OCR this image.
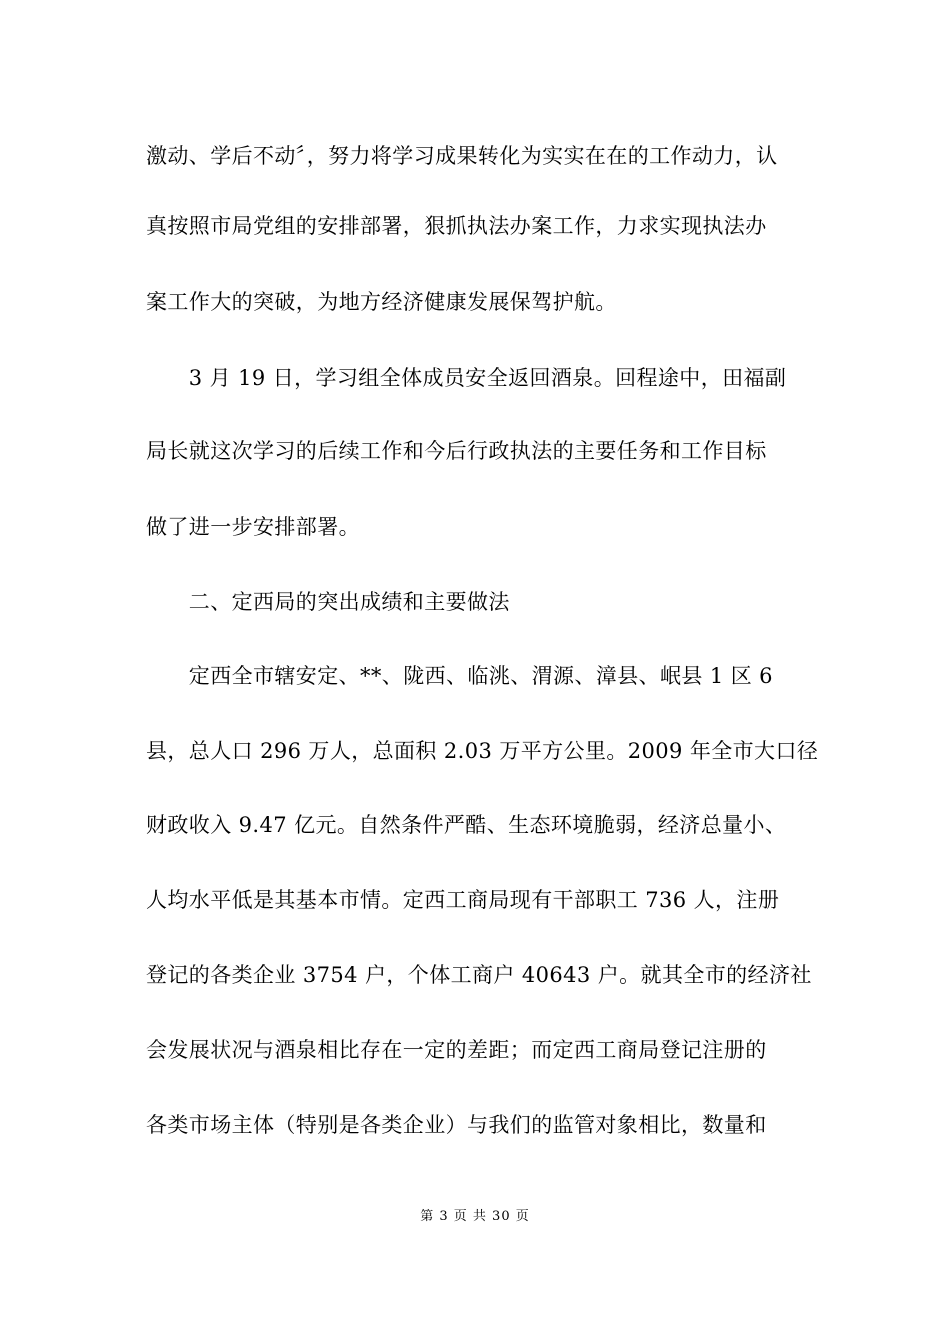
激动、学后不动〞，努力将学习成果转化为实实在在的工作动力，认
真按照市局党组的安排部署，狠抓执法办案工作，力求实现执法办
案工作大的突破，为地方经济健康发展保驾护航。
　　3 月 19 日，学习组全体成员安全返回酒泉。回程途中，田福副
局长就这次学习的后续工作和今后行政执法的主要任务和工作目标
做了进一步安排部署。
　　二、定西局的突出成绩和主要做法
　　定西全市辖安定、**、陇西、临洮、渭源、漳县、岷县 1 区 6
县，总人口 296 万人，总面积 2.03 万平方公里。2009 年全市大口径
财政收入 9.47 亿元。自然条件严酷、生态环境脆弱，经济总量小、
人均水平低是其基本市情。定西工商局现有干部职工 736 人，注册
登记的各类企业 3754 户，个体工商户 40643 户。就其全市的经济社
会发展状况与酒泉相比存在一定的差距；而定西工商局登记注册的
各类市场主体（特别是各类企业）与我们的监管对象相比，数量和
第 3 页 共 30 页
